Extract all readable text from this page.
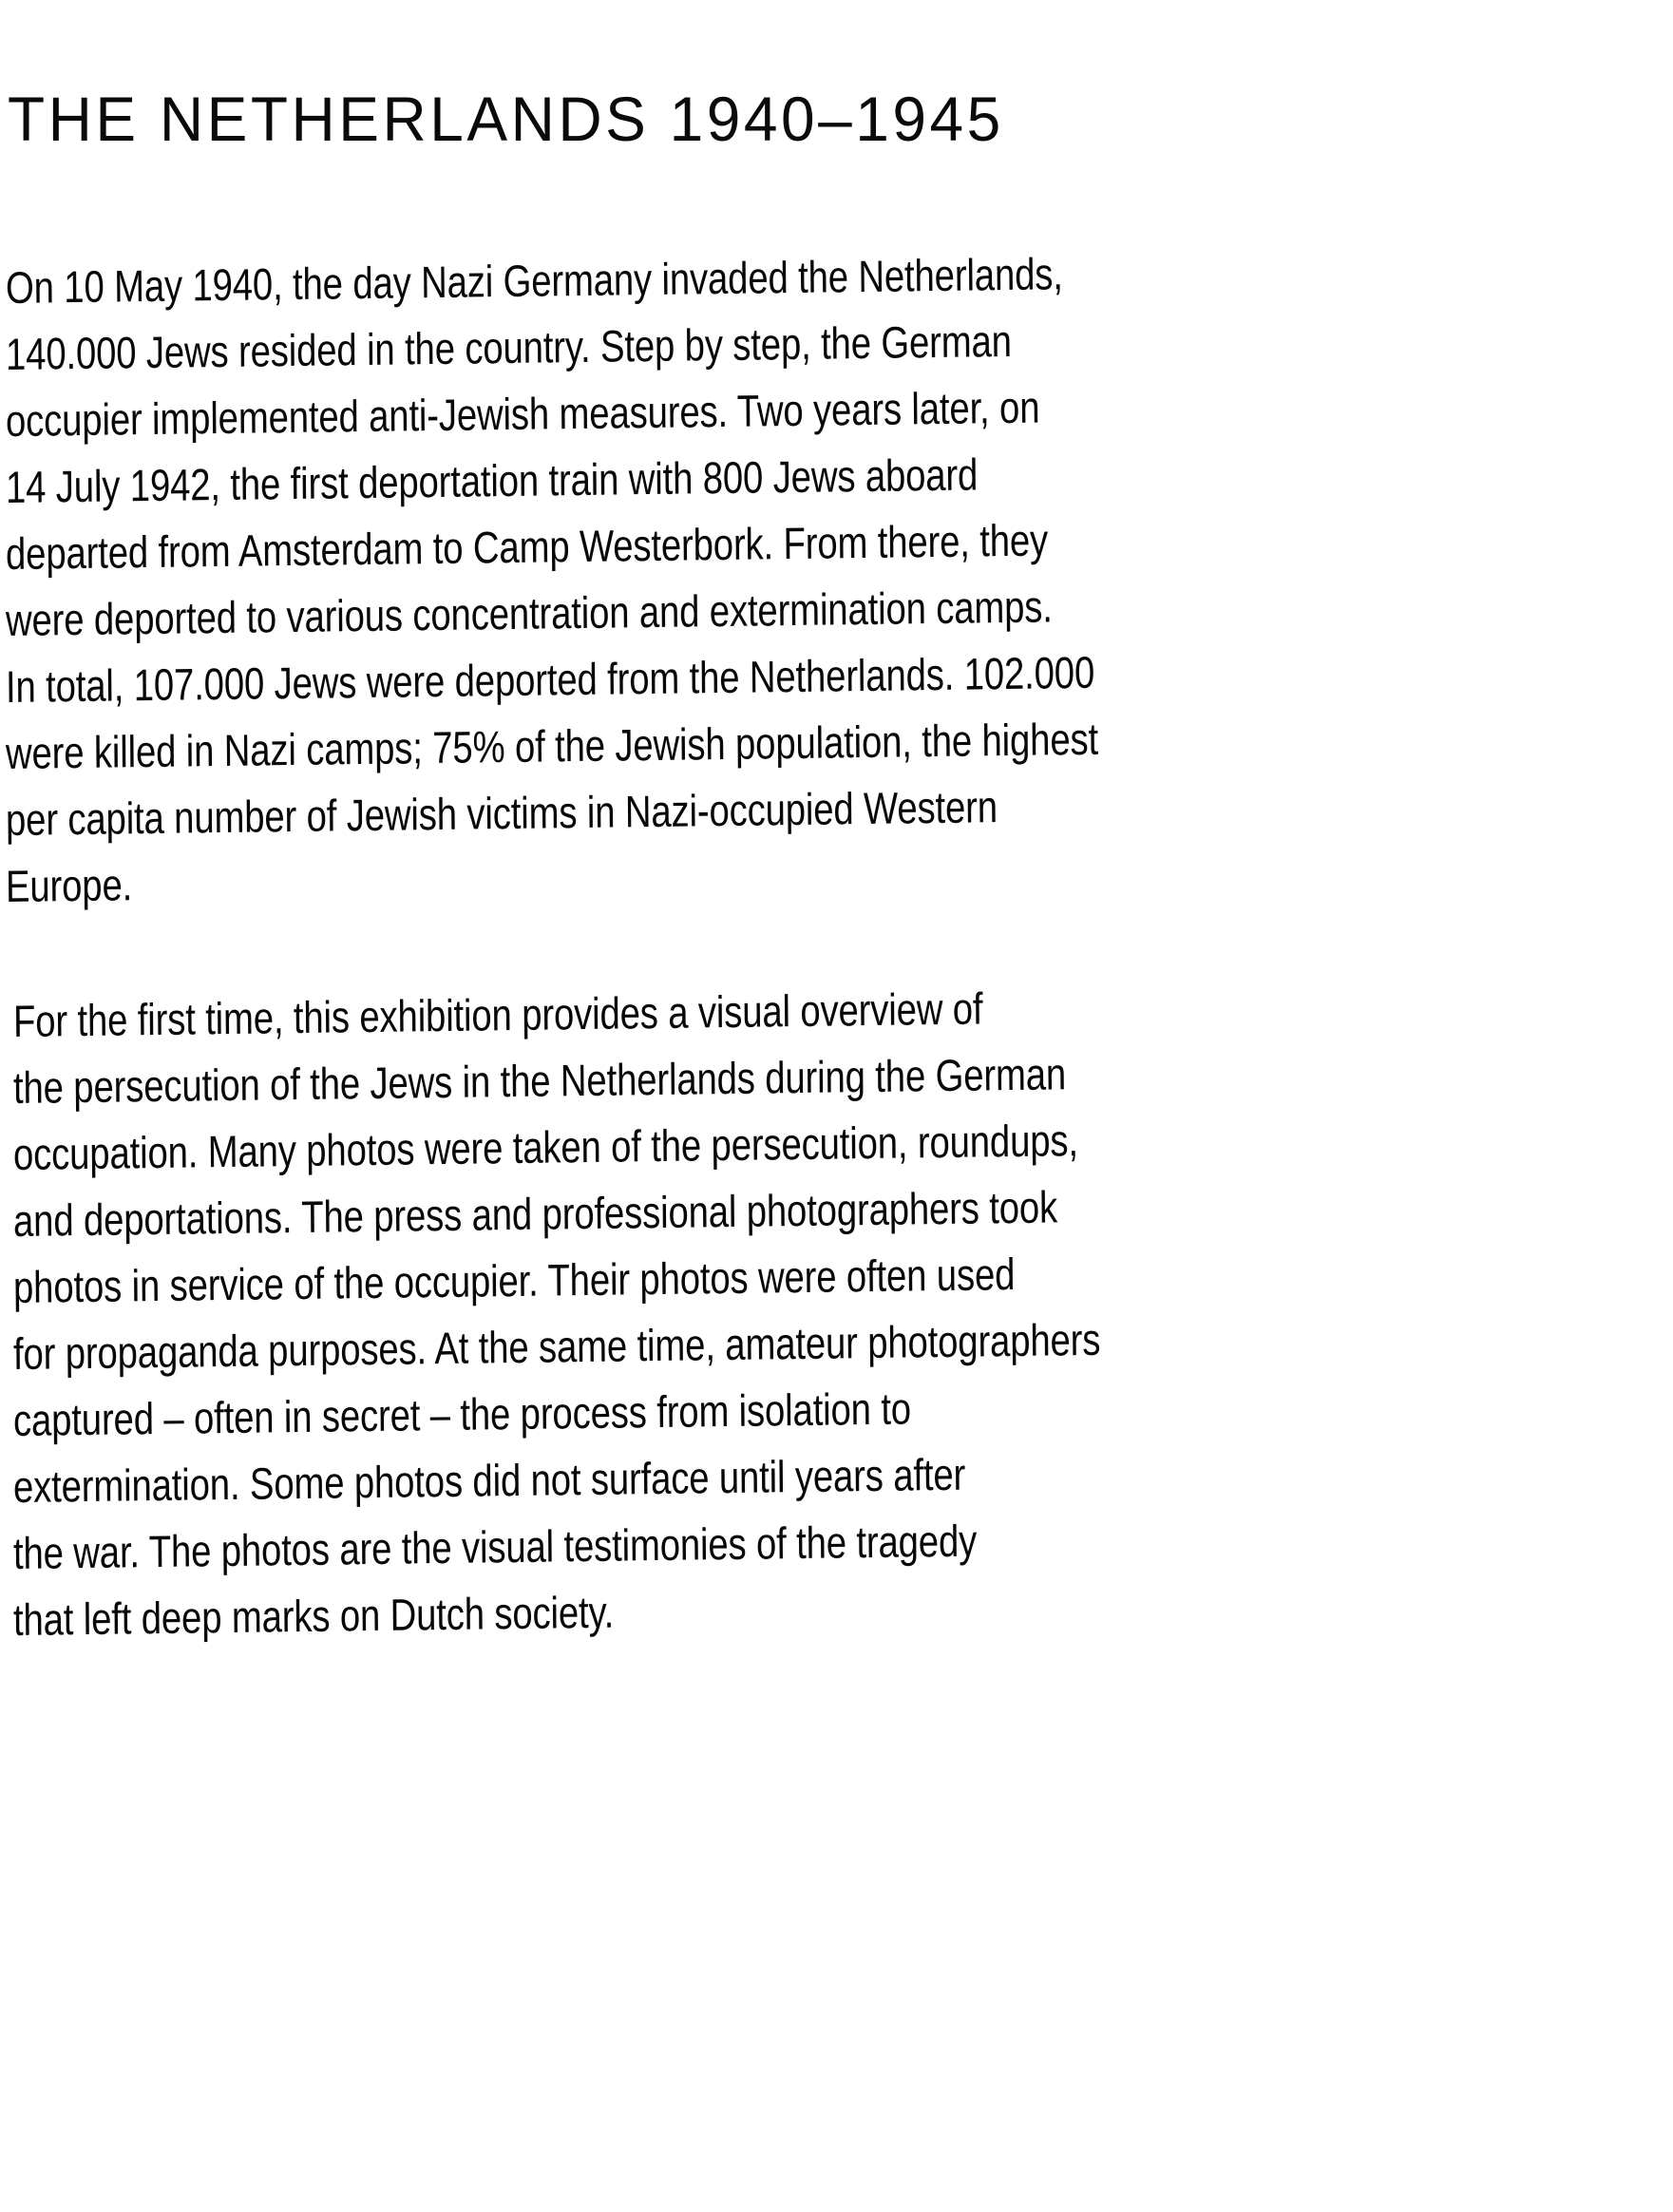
THE NETHERLANDS 1940–1945
On 10 May 1940, the day Nazi Germany invaded the Netherlands,
140.000 Jews resided in the country. Step by step, the German
occupier implemented anti-Jewish measures. Two years later, on
14 July 1942, the first deportation train with 800 Jews aboard
departed from Amsterdam to Camp Westerbork. From there, they
were deported to various concentration and extermination camps.
In total, 107.000 Jews were deported from the Netherlands. 102.000
were killed in Nazi camps; 75% of the Jewish population, the highest
per capita number of Jewish victims in Nazi-occupied Western
Europe.
For the first time, this exhibition provides a visual overview of
the persecution of the Jews in the Netherlands during the German
occupation. Many photos were taken of the persecution, roundups,
and deportations. The press and professional photographers took
photos in service of the occupier. Their photos were often used
for propaganda purposes. At the same time, amateur photographers
captured – often in secret – the process from isolation to
extermination. Some photos did not surface until years after
the war. The photos are the visual testimonies of the tragedy
that left deep marks on Dutch society.
